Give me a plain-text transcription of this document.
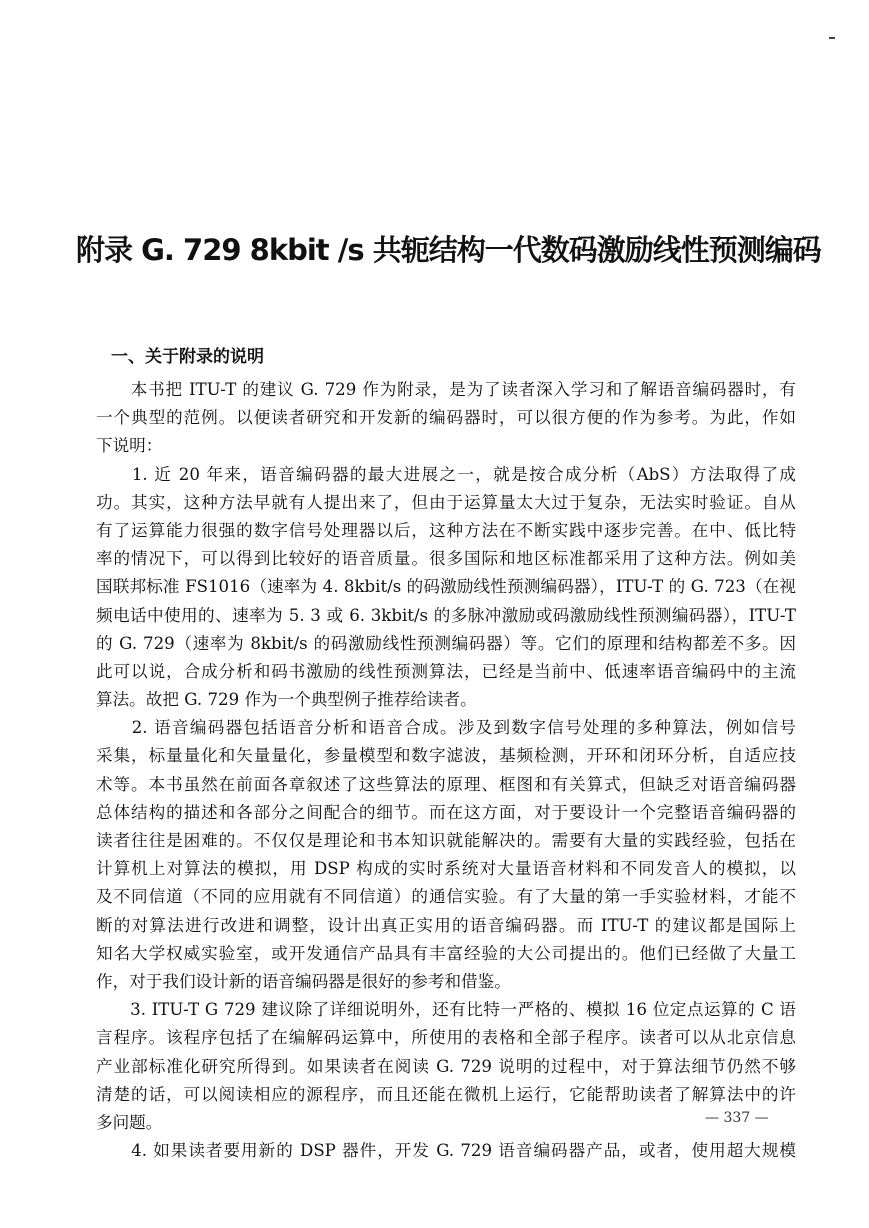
附录 G. 729 8kbit /s 共轭结构一代数码激励线性预测编码
一、关于附录的说明
　　本书把 ITU-T 的建议 G. 729 作为附录，是为了读者深入学习和了解语音编码器时，有
一个典型的范例。以便读者研究和开发新的编码器时，可以很方便的作为参考。为此，作如
下说明：
　　1. 近 20 年来，语音编码器的最大进展之一，就是按合成分析（AbS）方法取得了成
功。其实，这种方法早就有人提出来了，但由于运算量太大过于复杂，无法实时验证。自从
有了运算能力很强的数字信号处理器以后，这种方法在不断实践中逐步完善。在中、低比特
率的情况下，可以得到比较好的语音质量。很多国际和地区标准都采用了这种方法。例如美
国联邦标准 FS1016（速率为 4. 8kbit/s 的码激励线性预测编码器），ITU-T 的 G. 723（在视
频电话中使用的、速率为 5. 3 或 6. 3kbit/s 的多脉冲激励或码激励线性预测编码器），ITU-T
的 G. 729（速率为 8kbit/s 的码激励线性预测编码器）等。它们的原理和结构都差不多。因
此可以说，合成分析和码书激励的线性预测算法，已经是当前中、低速率语音编码中的主流
算法。故把 G. 729 作为一个典型例子推荐给读者。
　　2. 语音编码器包括语音分析和语音合成。涉及到数字信号处理的多种算法，例如信号
采集，标量量化和矢量量化，参量模型和数字滤波，基频检测，开环和闭环分析，自适应技
术等。本书虽然在前面各章叙述了这些算法的原理、框图和有关算式，但缺乏对语音编码器
总体结构的描述和各部分之间配合的细节。而在这方面，对于要设计一个完整语音编码器的
读者往往是困难的。不仅仅是理论和书本知识就能解决的。需要有大量的实践经验，包括在
计算机上对算法的模拟，用 DSP 构成的实时系统对大量语音材料和不同发音人的模拟，以
及不同信道（不同的应用就有不同信道）的通信实验。有了大量的第一手实验材料，才能不
断的对算法进行改进和调整，设计出真正实用的语音编码器。而 ITU-T 的建议都是国际上
知名大学权威实验室，或开发通信产品具有丰富经验的大公司提出的。他们已经做了大量工
作，对于我们设计新的语音编码器是很好的参考和借鉴。
　　3. ITU-T G 729 建议除了详细说明外，还有比特一严格的、模拟 16 位定点运算的 C 语
言程序。该程序包括了在编解码运算中，所使用的表格和全部子程序。读者可以从北京信息
产业部标准化研究所得到。如果读者在阅读 G. 729 说明的过程中，对于算法细节仍然不够
清楚的话，可以阅读相应的源程序，而且还能在微机上运行，它能帮助读者了解算法中的许
多问题。
　　4. 如果读者要用新的 DSP 器件，开发 G. 729 语音编码器产品，或者，使用超大规模
— 337 —
